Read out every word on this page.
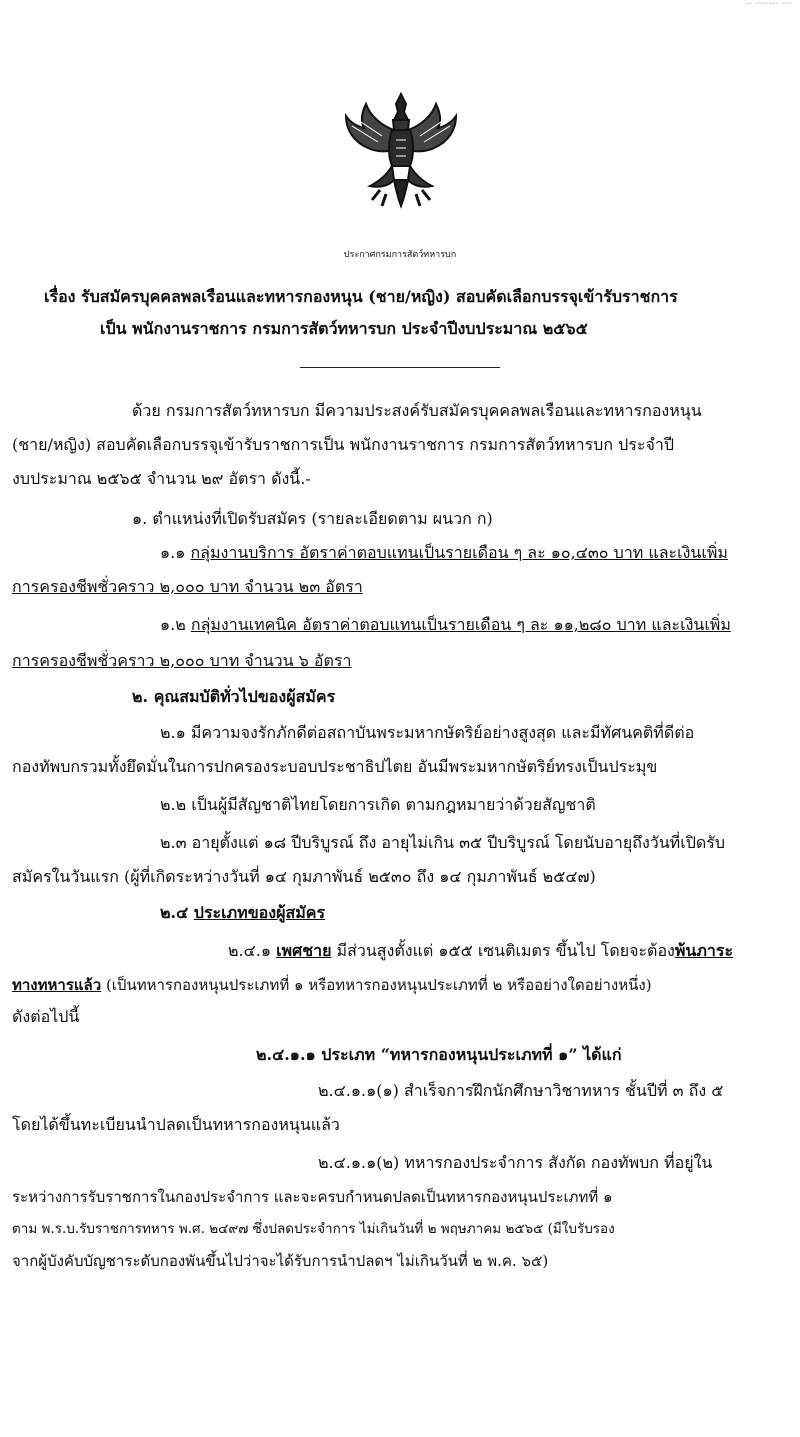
-- ------- ---
ประกาศกรมการสัตว์ทหารบก
เรื่อง รับสมัครบุคคลพลเรือนและทหารกองหนุน (ชาย/หญิง) สอบคัดเลือกบรรจุเข้ารับราชการ
เป็น พนักงานราชการ กรมการสัตว์ทหารบก ประจำปีงบประมาณ ๒๕๖๕
ด้วย กรมการสัตว์ทหารบก มีความประสงค์รับสมัครบุคคลพลเรือนและทหารกองหนุน
(ชาย/หญิง) สอบคัดเลือกบรรจุเข้ารับราชการเป็น พนักงานราชการ กรมการสัตว์ทหารบก ประจำปี
งบประมาณ ๒๕๖๕ จำนวน ๒๙ อัตรา ดังนี้.-
๑. ตำแหน่งที่เปิดรับสมัคร (รายละเอียดตาม ผนวก ก)
๑.๑ กลุ่มงานบริการ อัตราค่าตอบแทนเป็นรายเดือน ๆ ละ ๑๐,๔๓๐ บาท และเงินเพิ่ม
การครองชีพชั่วคราว ๒,๐๐๐ บาท จำนวน ๒๓ อัตรา
๑.๒ กลุ่มงานเทคนิค อัตราค่าตอบแทนเป็นรายเดือน ๆ ละ ๑๑,๒๘๐ บาท และเงินเพิ่ม
การครองชีพชั่วคราว ๒,๐๐๐ บาท จำนวน ๖ อัตรา
๒. คุณสมบัติทั่วไปของผู้สมัคร
๒.๑ มีความจงรักภักดีต่อสถาบันพระมหากษัตริย์อย่างสูงสุด และมีทัศนคติที่ดีต่อ
กองทัพบกรวมทั้งยึดมั่นในการปกครองระบอบประชาธิปไตย อันมีพระมหากษัตริย์ทรงเป็นประมุข
๒.๒ เป็นผู้มีสัญชาติไทยโดยการเกิด ตามกฎหมายว่าด้วยสัญชาติ
๒.๓ อายุตั้งแต่ ๑๘ ปีบริบูรณ์ ถึง อายุไม่เกิน ๓๕ ปีบริบูรณ์ โดยนับอายุถึงวันที่เปิดรับ
สมัครในวันแรก (ผู้ที่เกิดระหว่างวันที่ ๑๔ กุมภาพันธ์ ๒๕๓๐ ถึง ๑๔ กุมภาพันธ์ ๒๕๔๗)
๒.๔ ประเภทของผู้สมัคร
๒.๔.๑ เพศชาย มีส่วนสูงตั้งแต่ ๑๕๕ เซนติเมตร ขึ้นไป โดยจะต้องพ้นภาระ
ทางทหารแล้ว (เป็นทหารกองหนุนประเภทที่ ๑ หรือทหารกองหนุนประเภทที่ ๒ หรืออย่างใดอย่างหนึ่ง)
ดังต่อไปนี้
๒.๔.๑.๑ ประเภท “ทหารกองหนุนประเภทที่ ๑” ได้แก่
๒.๔.๑.๑(๑) สำเร็จการฝึกนักศึกษาวิชาทหาร ชั้นปีที่ ๓ ถึง ๕
โดยได้ขึ้นทะเบียนนำปลดเป็นทหารกองหนุนแล้ว
๒.๔.๑.๑(๒) ทหารกองประจำการ สังกัด กองทัพบก ที่อยู่ใน
ระหว่างการรับราชการในกองประจำการ และจะครบกำหนดปลดเป็นทหารกองหนุนประเภทที่ ๑
ตาม พ.ร.บ.รับราชการทหาร พ.ศ. ๒๔๙๗ ซึ่งปลดประจำการ ไม่เกินวันที่ ๒ พฤษภาคม ๒๕๖๕ (มีใบรับรอง
จากผู้บังคับบัญชาระดับกองพันขึ้นไปว่าจะได้รับการนำปลดฯ ไม่เกินวันที่ ๒ พ.ค. ๖๕)
